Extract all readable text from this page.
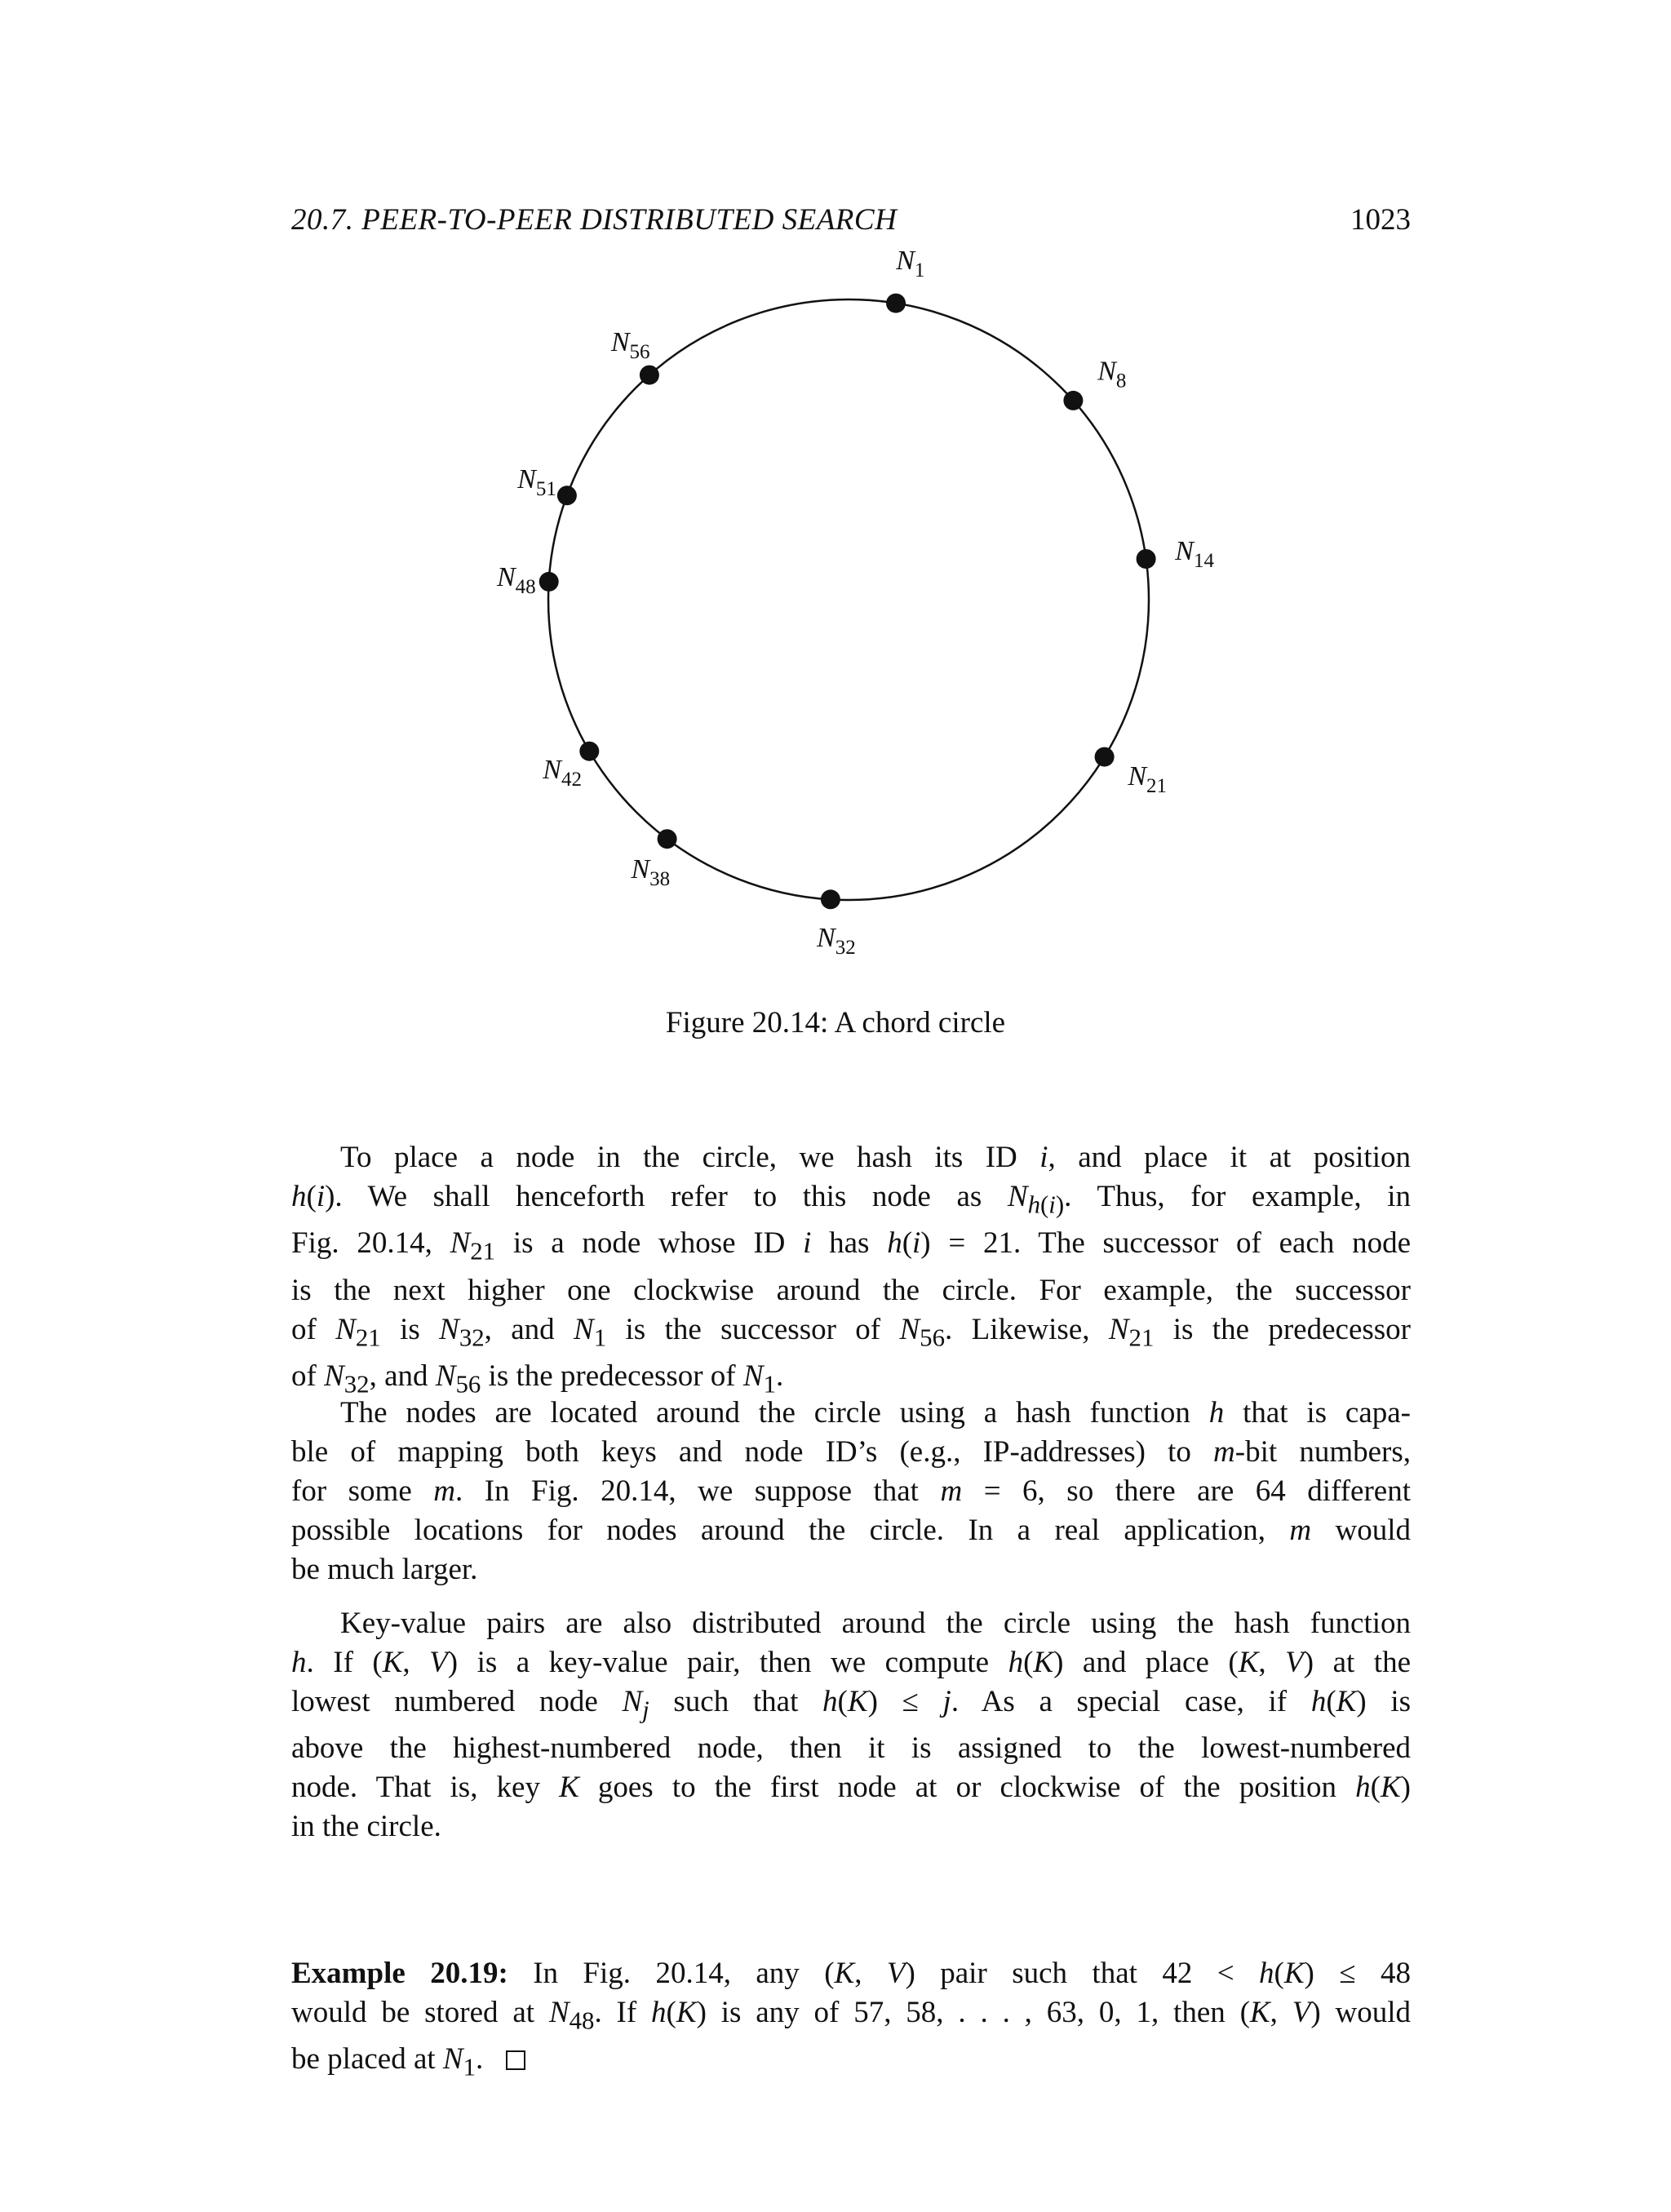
20.7. PEER-TO-PEER DISTRIBUTED SEARCH	1023
$N_1$
$N_8$
$N_{14}$
$N_{21}$
$N_{32}$
$N_{38}$
$N_{42}$
$N_{48}$
$N_{51}$
$N_{56}$
Figure 20.14: A chord circle

To place a node in the circle, we hash its ID i, and place it at position
h(i). We shall henceforth refer to this node as $N_{h(i)}$. Thus, for example, in
Fig. 20.14, $N_{21}$ is a node whose ID i has h(i) = 21. The successor of each node
is the next higher one clockwise around the circle. For example, the successor
of $N_{21}$ is $N_{32}$, and $N_1$ is the successor of $N_{56}$. Likewise, $N_{21}$ is the predecessor
of $N_{32}$, and $N_{56}$ is the predecessor of $N_1$.

The nodes are located around the circle using a hash function h that is capa-
ble of mapping both keys and node ID’s (e.g., IP-addresses) to m-bit numbers,
for some m. In Fig. 20.14, we suppose that m = 6, so there are 64 different
possible locations for nodes around the circle. In a real application, m would
be much larger.

Key-value pairs are also distributed around the circle using the hash function
h. If (K, V) is a key-value pair, then we compute h(K) and place (K, V) at the
lowest numbered node $N_j$ such that h(K) ≤ j. As a special case, if h(K) is
above the highest-numbered node, then it is assigned to the lowest-numbered
node. That is, key K goes to the first node at or clockwise of the position h(K)
in the circle.

Example 20.19: In Fig. 20.14, any (K, V) pair such that 42 < h(K) ≤ 48
would be stored at $N_{48}$. If h(K) is any of 57, 58, . . . , 63, 0, 1, then (K, V) would
be placed at $N_1$.
